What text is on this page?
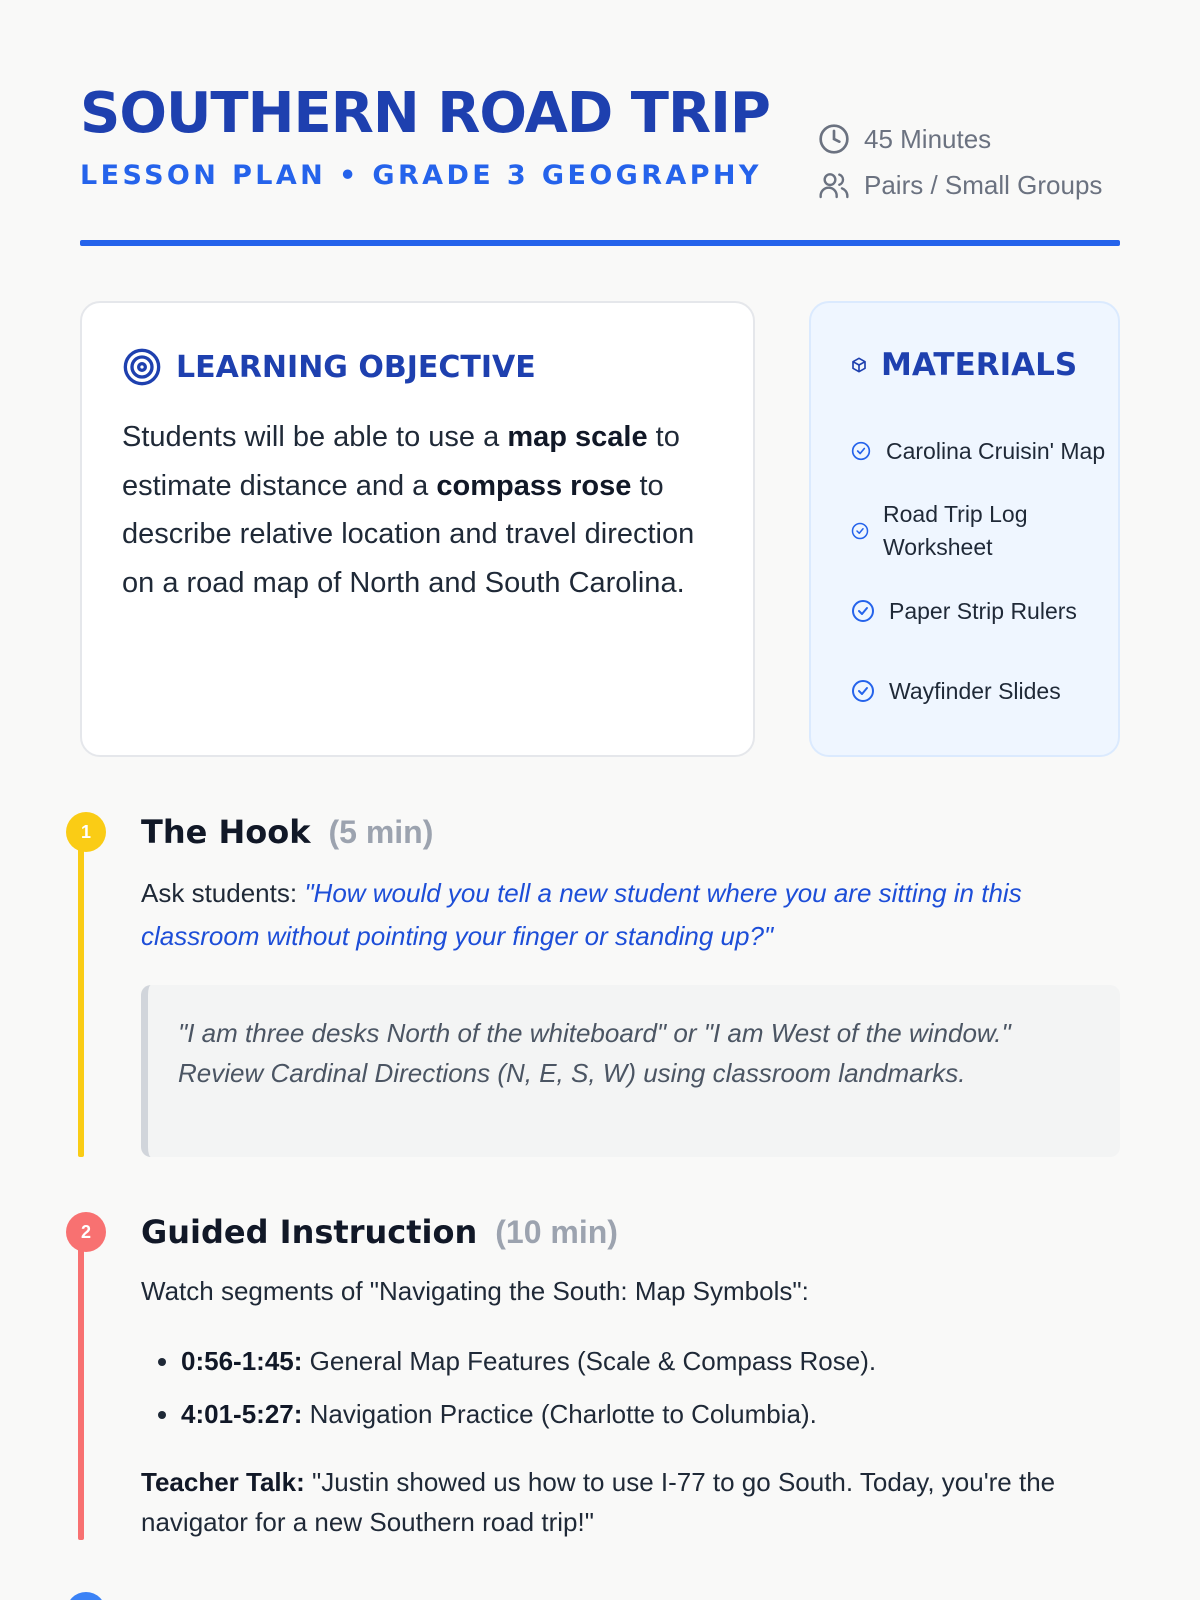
SOUTHERN ROAD TRIP
LESSON PLAN • GRADE 3 GEOGRAPHY
45 Minutes
Pairs / Small Groups
LEARNING OBJECTIVE

Students will be able to use a map scale to estimate distance and a compass rose to describe relative location and travel direction on a road map of North and South Carolina.

MATERIALS
Carolina Cruisin' Map
Road Trip Log Worksheet
Paper Strip Rulers
Wayfinder Slides
1	The Hook (5 min)

Ask students: "How would you tell a new student where you are sitting in this classroom without pointing your finger or standing up?"

"I am three desks North of the whiteboard" or "I am West of the window." Review Cardinal Directions (N, E, S, W) using classroom landmarks.
2	Guided Instruction (10 min)

Watch segments of "Navigating the South: Map Symbols":

• 0:56-1:45: General Map Features (Scale & Compass Rose).
• 4:01-5:27: Navigation Practice (Charlotte to Columbia).

Teacher Talk: "Justin showed us how to use I-77 to go South. Today, you're the navigator for a new Southern road trip!"
